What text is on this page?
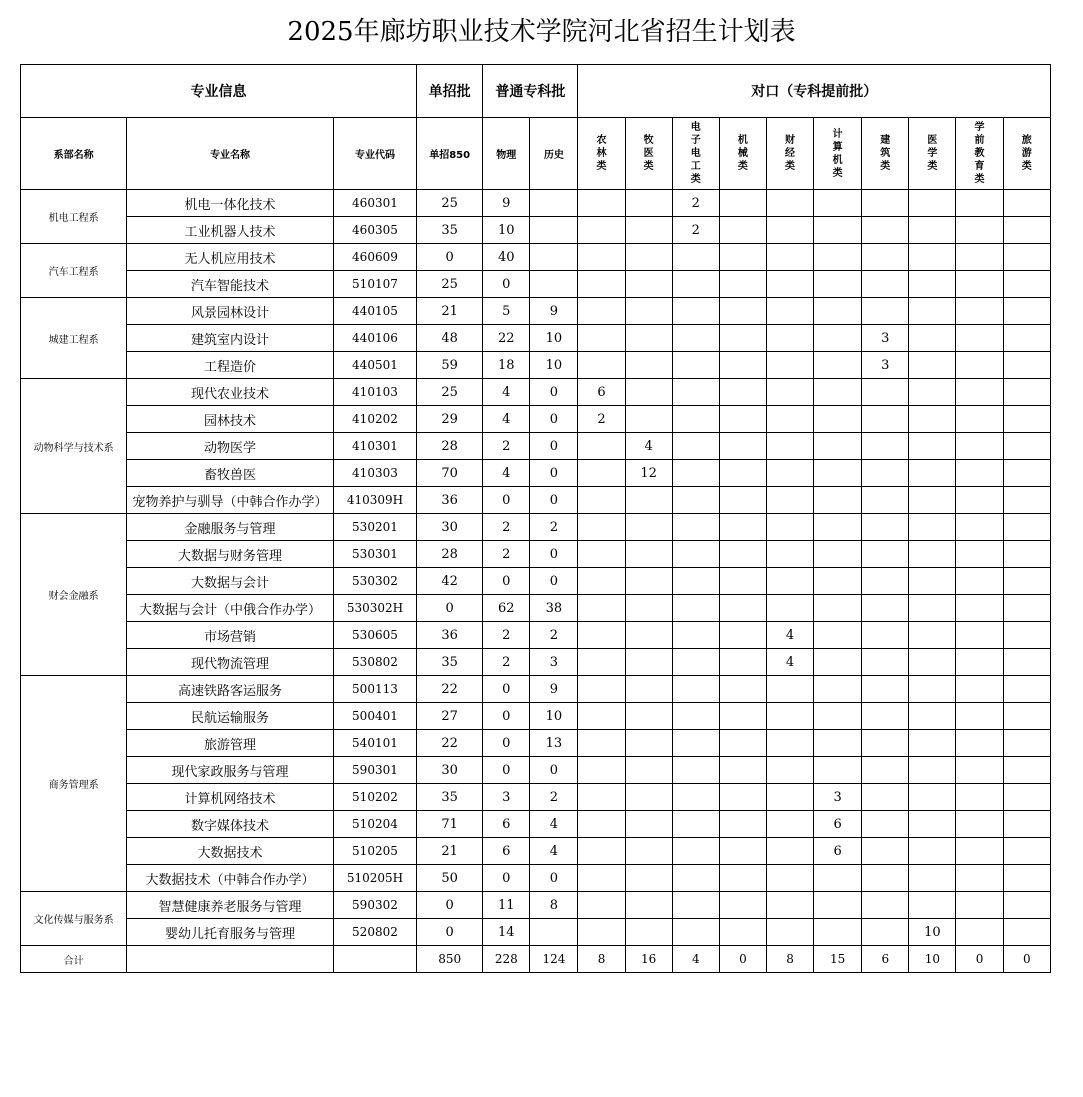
2025年廊坊职业技术学院河北省招生计划表
专业信息			单招批	普通专科批		对口（专科提前批）									
系部名称	专业名称	专业代码	单招850	物理	历史	农林类	牧医类	电子电工类	机械类	财经类	计算机类	建筑类	医学类	学前教育类	旅游类
机电工程系	机电一体化技术	460301	25	9				2							
	工业机器人技术	460305	35	10				2							
汽车工程系	无人机应用技术	460609	0	40											
	汽车智能技术	510107	25	0											
城建工程系	风景园林设计	440105	21	5	9										
	建筑室内设计	440106	48	22	10							3			
	工程造价	440501	59	18	10							3			
动物科学与技术系	现代农业技术	410103	25	4	0	6									
	园林技术	410202	29	4	0	2									
	动物医学	410301	28	2	0		4								
	畜牧兽医	410303	70	4	0		12								
	宠物养护与驯导（中韩合作办学）	410309H	36	0	0										
财会金融系	金融服务与管理	530201	30	2	2										
	大数据与财务管理	530301	28	2	0										
	大数据与会计	530302	42	0	0										
	大数据与会计（中俄合作办学）	530302H	0	62	38										
	市场营销	530605	36	2	2					4					
	现代物流管理	530802	35	2	3					4					
商务管理系	高速铁路客运服务	500113	22	0	9										
	民航运输服务	500401	27	0	10										
	旅游管理	540101	22	0	13										
	现代家政服务与管理	590301	30	0	0										
	计算机网络技术	510202	35	3	2						3				
	数字媒体技术	510204	71	6	4						6				
	大数据技术	510205	21	6	4						6				
	大数据技术（中韩合作办学）	510205H	50	0	0										
文化传媒与服务系	智慧健康养老服务与管理	590302	0	11	8										
	婴幼儿托育服务与管理	520802	0	14									10		
合计			850	228	124	8	16	4	0	8	15	6	10	0	0
